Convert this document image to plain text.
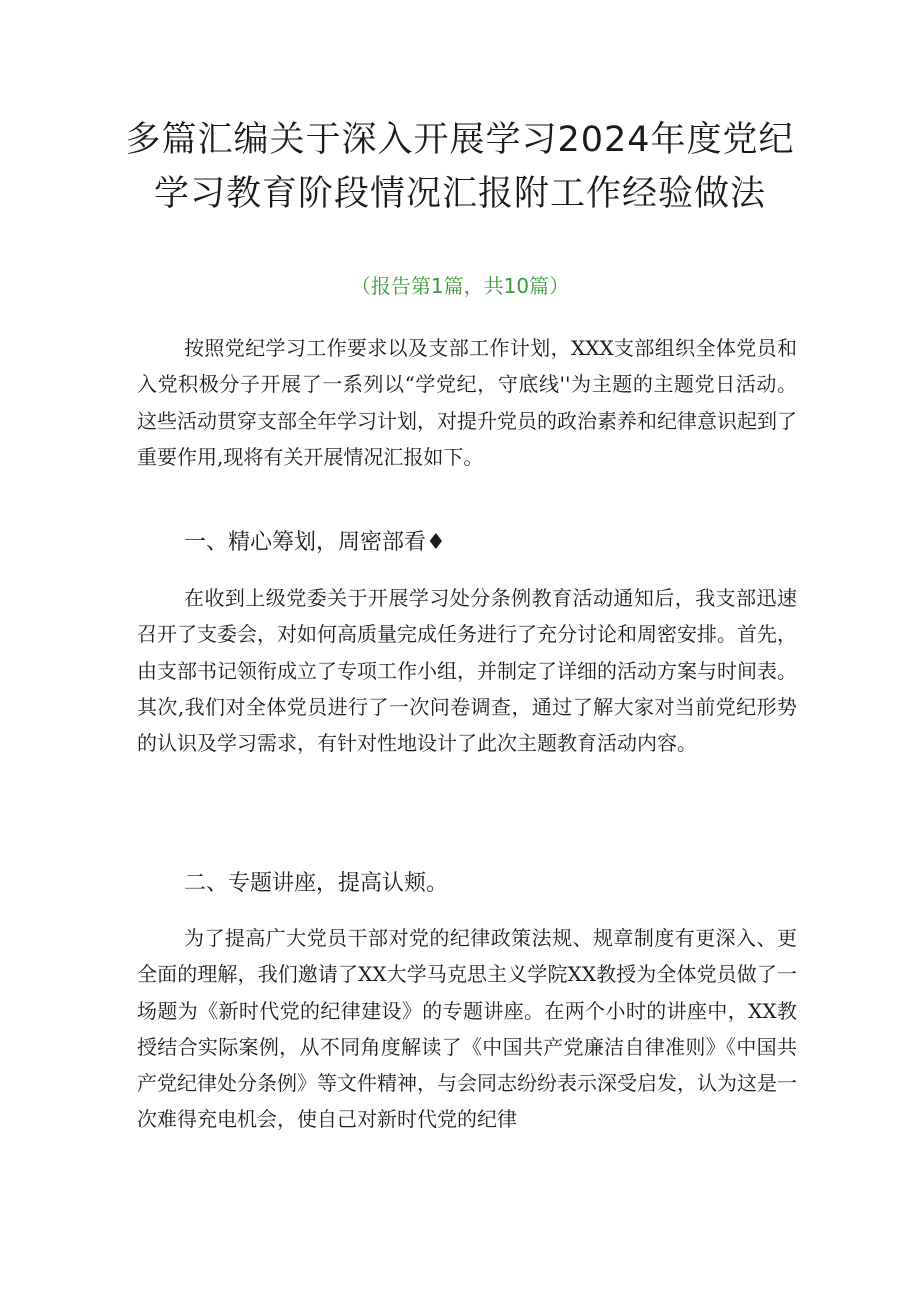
多篇汇编关于深入开展学习2024年度党纪
学习教育阶段情况汇报附工作经验做法

（报告第1篇，共10篇）

按照党纪学习工作要求以及支部工作计划，XXX支部组织全体党员和入党积极分子开展了一系列以“学党纪，守底线''为主题的主题党日活动。这些活动贯穿支部全年学习计划，对提升党员的政治素养和纪律意识起到了重要作用,现将有关开展情况汇报如下。

一、精心筹划，周密部看♦

在收到上级党委关于开展学习处分条例教育活动通知后，我支部迅速召开了支委会，对如何高质量完成任务进行了充分讨论和周密安排。首先，由支部书记领衔成立了专项工作小组，并制定了详细的活动方案与时间表。其次,我们对全体党员进行了一次问卷调查，通过了解大家对当前党纪形势的认识及学习需求，有针对性地设计了此次主题教育活动内容。

二、专题讲座，提高认颊。

为了提高广大党员干部对党的纪律政策法规、规章制度有更深入、更全面的理解，我们邀请了XX大学马克思主义学院XX教授为全体党员做了一场题为《新时代党的纪律建设》的专题讲座。在两个小时的讲座中，XX教授结合实际案例，从不同角度解读了《中国共产党廉洁自律准则》《中国共产党纪律处分条例》等文件精神，与会同志纷纷表示深受启发，认为这是一次难得充电机会，使自己对新时代党的纪律
